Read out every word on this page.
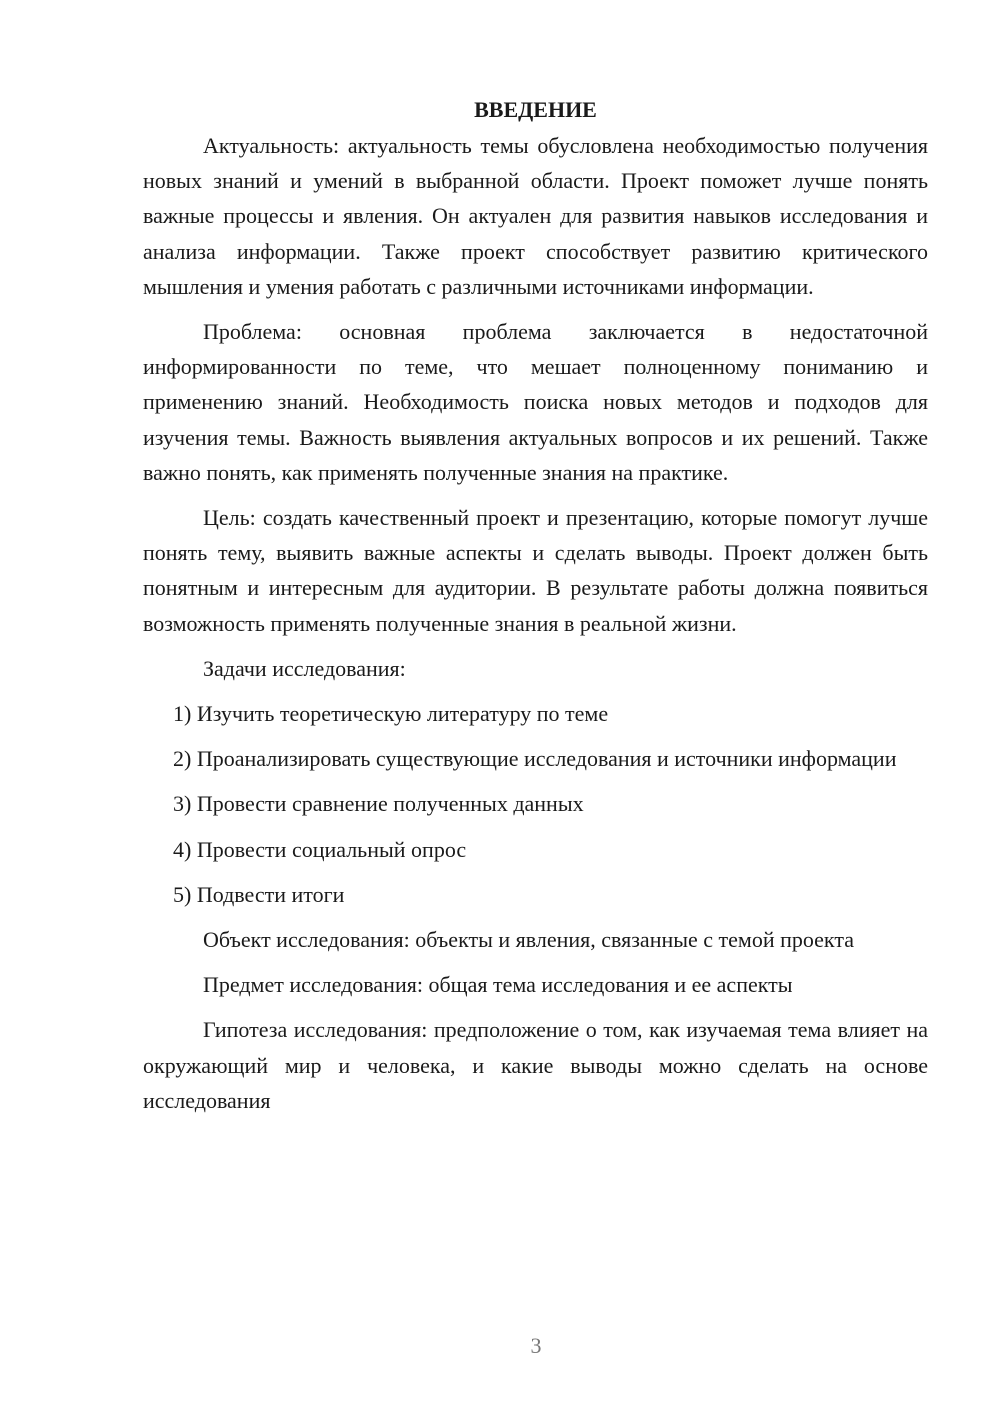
ВВЕДЕНИЕ

Актуальность: актуальность темы обусловлена необходимостью получения новых знаний и умений в выбранной области. Проект поможет лучше понять важные процессы и явления. Он актуален для развития навыков исследования и анализа информации. Также проект способствует развитию критического мышления и умения работать с различными источниками информации.

Проблема: основная проблема заключается в недостаточной информированности по теме, что мешает полноценному пониманию и применению знаний. Необходимость поиска новых методов и подходов для изучения темы. Важность выявления актуальных вопросов и их решений. Также важно понять, как применять полученные знания на практике.

Цель: создать качественный проект и презентацию, которые помогут лучше понять тему, выявить важные аспекты и сделать выводы. Проект должен быть понятным и интересным для аудитории. В результате работы должна появиться возможность применять полученные знания в реальной жизни.

Задачи исследования:

1) Изучить теоретическую литературу по теме

2) Проанализировать существующие исследования и источники информации

3) Провести сравнение полученных данных

4) Провести социальный опрос

5) Подвести итоги

Объект исследования: объекты и явления, связанные с темой проекта

Предмет исследования: общая тема исследования и ее аспекты

Гипотеза исследования: предположение о том, как изучаемая тема влияет на окружающий мир и человека, и какие выводы можно сделать на основе исследования

3
